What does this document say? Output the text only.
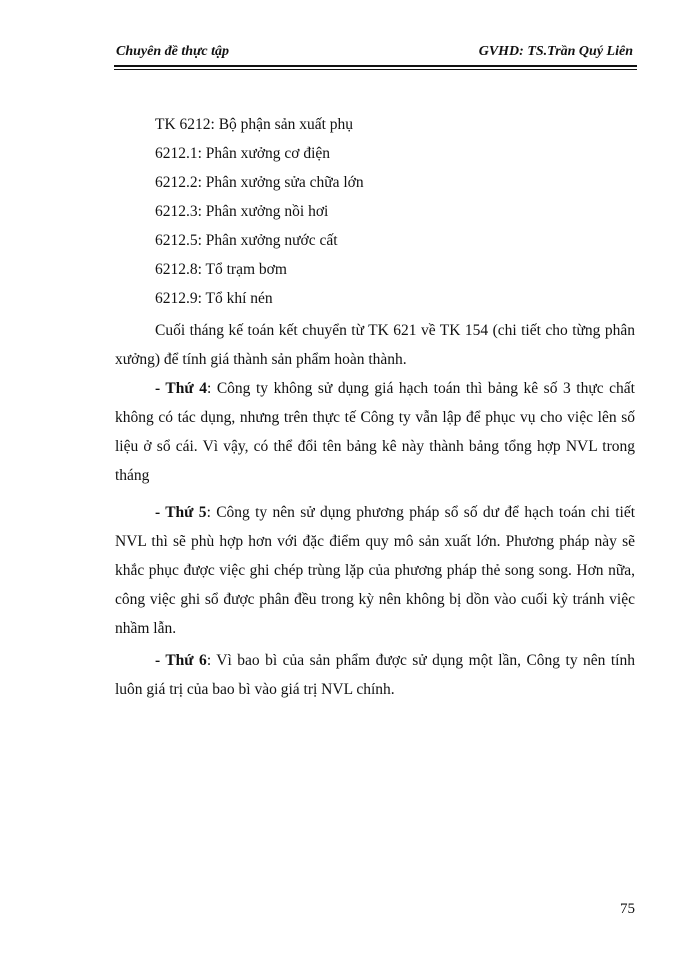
Chuyên đề thực tập	GVHD: TS.Trần Quý Liên
TK 6212: Bộ phận sản xuất phụ
6212.1: Phân xưởng cơ điện
6212.2: Phân xưởng sửa chữa lớn
6212.3: Phân xưởng nồi hơi
6212.5: Phân xưởng nước cất
6212.8: Tổ trạm bơm
6212.9: Tổ khí nén
Cuối tháng kế toán kết chuyển từ TK 621 về TK 154 (chi tiết cho từng phân xưởng) để tính giá thành sản phẩm hoàn thành.
- Thứ 4: Công ty không sử dụng giá hạch toán thì bảng kê số 3 thực chất không có tác dụng, nhưng trên thực tế Công ty vẫn lập để phục vụ cho việc lên số liệu ở sổ cái. Vì vậy, có thể đổi tên bảng kê này thành bảng tổng hợp NVL trong tháng
- Thứ 5: Công ty nên sử dụng phương pháp sổ số dư để hạch toán chi tiết NVL thì sẽ phù hợp hơn với đặc điểm quy mô sản xuất lớn. Phương pháp này sẽ khắc phục được việc ghi chép trùng lặp của phương pháp thẻ song song. Hơn nữa, công việc ghi sổ được phân đều trong kỳ nên không bị dồn vào cuối kỳ tránh việc nhầm lẫn.
- Thứ 6: Vì bao bì của sản phẩm được sử dụng một lần, Công ty nên tính luôn giá trị của bao bì vào giá trị NVL chính.
75
